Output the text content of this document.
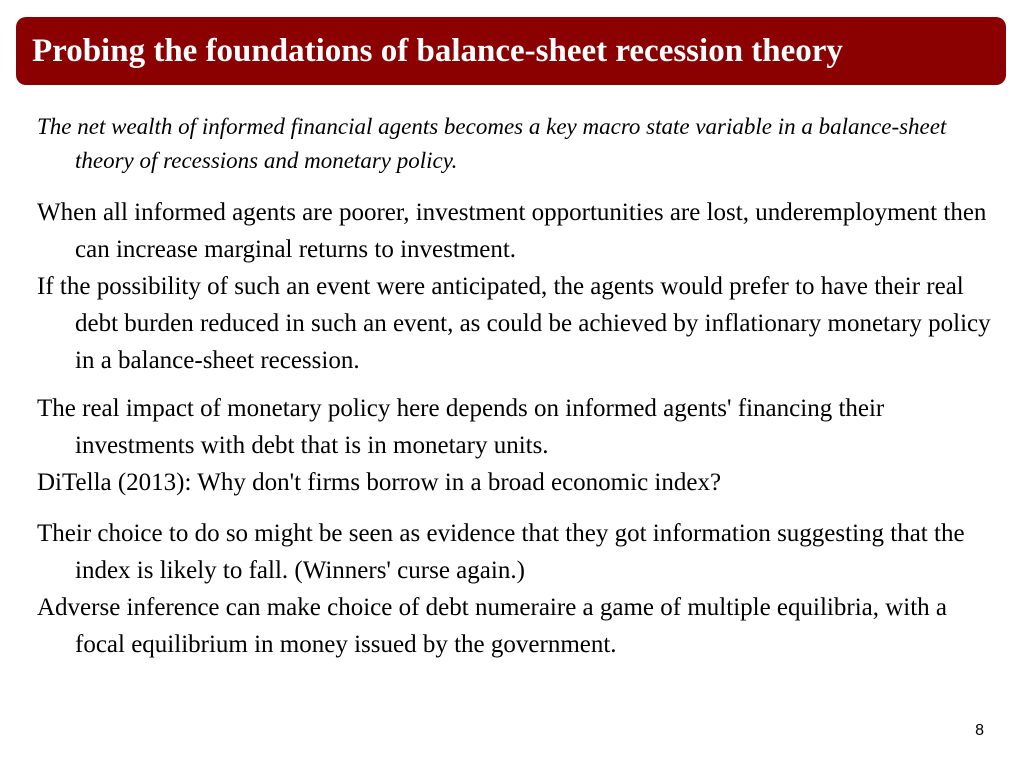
Probing the foundations of balance-sheet recession theory

The net wealth of informed financial agents becomes a key macro state variable in a balance-sheet theory of recessions and monetary policy.

When all informed agents are poorer, investment opportunities are lost, underemployment then can increase marginal returns to investment.

If the possibility of such an event were anticipated, the agents would prefer to have their real debt burden reduced in such an event, as could be achieved by inflationary monetary policy in a balance-sheet recession.

The real impact of monetary policy here depends on informed agents' financing their investments with debt that is in monetary units.

DiTella (2013): Why don't firms borrow in a broad economic index?

Their choice to do so might be seen as evidence that they got information suggesting that the index is likely to fall. (Winners' curse again.)

Adverse inference can make choice of debt numeraire a game of multiple equilibria, with a focal equilibrium in money issued by the government.

8
